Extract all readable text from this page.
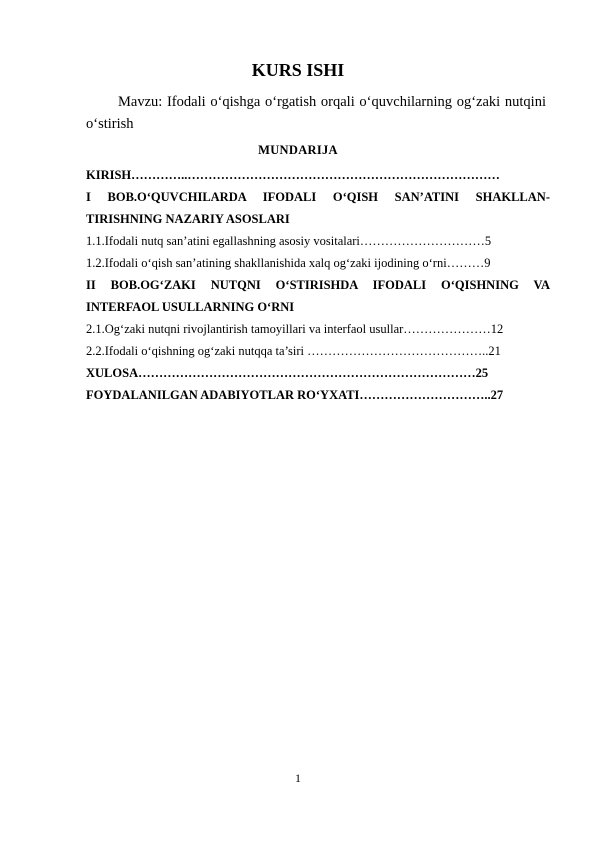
KURS ISHI
Mavzu: Ifodali o‘qishga o‘rgatish orqali o‘quvchilarning og‘zaki nutqini o‘stirish
MUNDARIJA
KIRISH…………..…………………………………………………………………
I BOB.O‘QUVCHILARDA IFODALI O‘QISH SAN’ATINI SHAKLLAN-TIRISHNING NAZARIY ASOSLARI
1.1.Ifodali nutq san’atini egallashning asosiy vositalari…………………………5
1.2.Ifodali o‘qish san’atining shakllanishida xalq og‘zaki ijodining o‘rni………9
II BOB.OG‘ZAKI NUTQNI O‘STIRISHDA IFODALI O‘QISHNING VA INTERFAOL USULLARNING O‘RNI
2.1.Og‘zaki nutqni rivojlantirish tamoyillari va interfaol usullar…………………12
2.2.Ifodali o‘qishning og‘zaki nutqqa ta’siri ……………………………………..21
XULOSA………………………………………………………………………25
FOYDALANILGAN ADABIYOTLAR RO‘YXATI…………………………..27
1
